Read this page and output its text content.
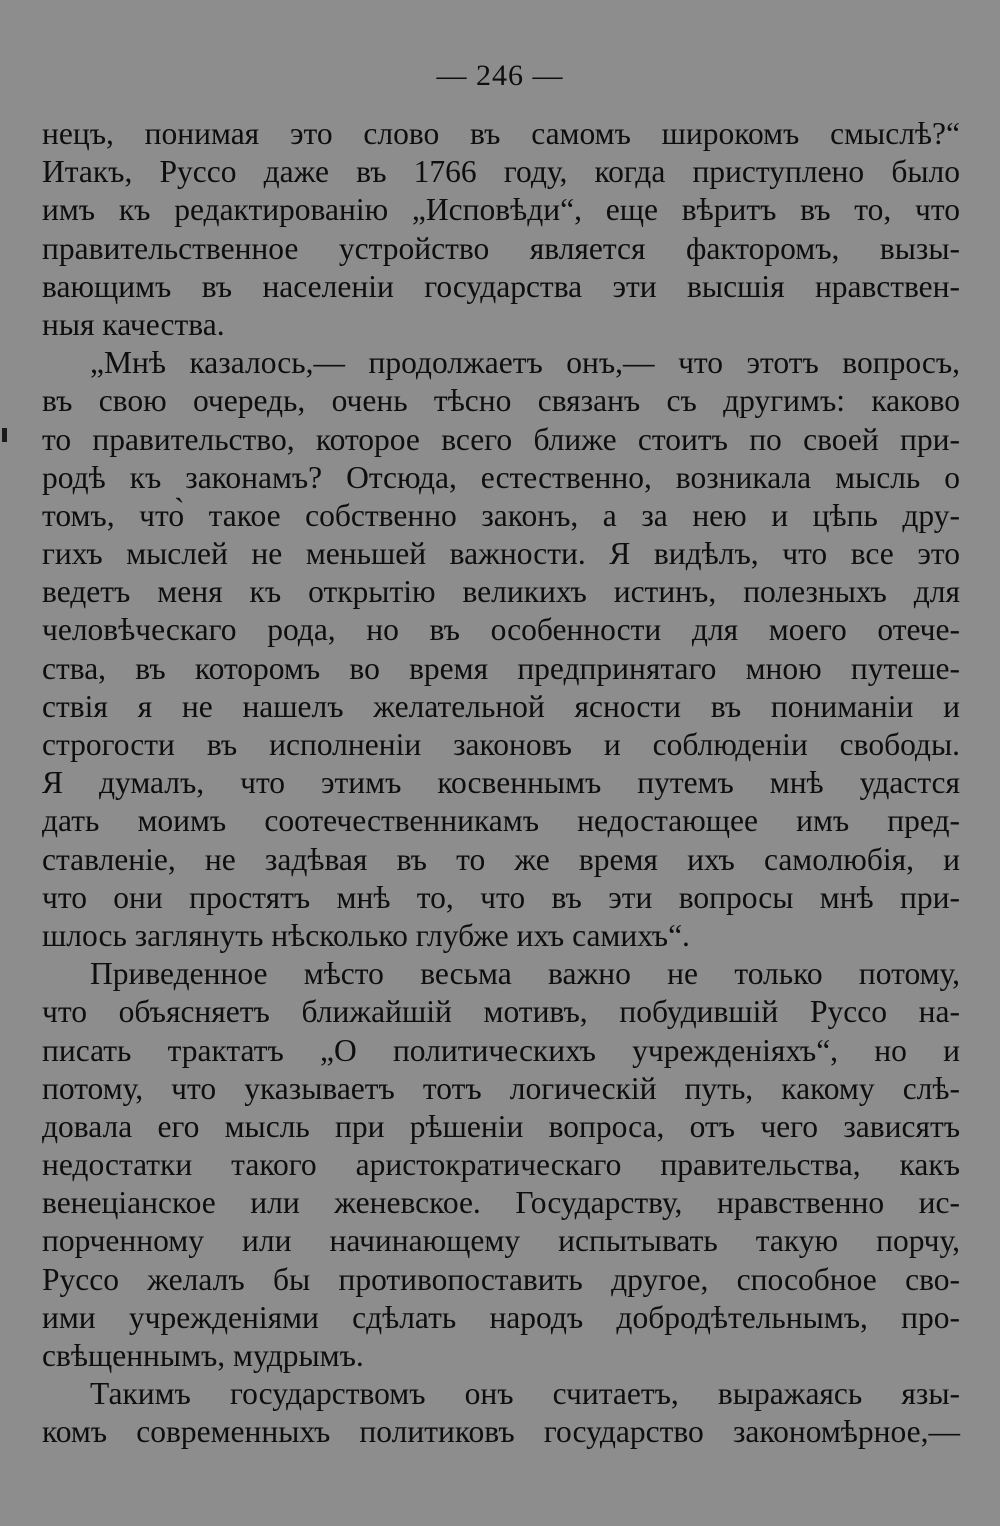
— 246 —
нецъ, понимая это слово въ самомъ широкомъ смыслѣ?“
Итакъ, Руссо даже въ 1766 году, когда приступлено было
имъ къ редактированiю „Исповѣди“, еще вѣритъ въ то, что
правительственное устройство является факторомъ, вызы-
вающимъ въ населенiи государства эти высшiя нравствен-
ныя качества.
„Мнѣ казалось,— продолжаетъ онъ,— что этотъ вопросъ,
въ свою очередь, очень тѣсно связанъ съ другимъ: каково
то правительство, которое всего ближе стоитъ по своей при-
родѣ къ законамъ? Отсюда, естественно, возникала мысль о
томъ, что̀ такое собственно законъ, а за нею и цѣпь дру-
гихъ мыслей не меньшей важности. Я видѣлъ, что все это
ведетъ меня къ открытiю великихъ истинъ, полезныхъ для
человѣческаго рода, но въ особенности для моего отече-
ства, въ которомъ во время предпринятаго мною путеше-
ствiя я не нашелъ желательной ясности въ пониманiи и
строгости въ исполненiи законовъ и соблюденiи свободы.
Я думалъ, что этимъ косвеннымъ путемъ мнѣ удастся
дать моимъ соотечественникамъ недостающее имъ пред-
ставленiе, не задѣвая въ то же время ихъ самолюбiя, и
что они простятъ мнѣ то, что въ эти вопросы мнѣ при-
шлось заглянуть нѣсколько глубже ихъ самихъ“.
Приведенное мѣсто весьма важно не только потому,
что объясняетъ ближайшiй мотивъ, побудившiй Руссо на-
писать трактатъ „О политическихъ учрежденiяхъ“, но и
потому, что указываетъ тотъ логическiй путь, какому слѣ-
довала его мысль при рѣшенiи вопроса, отъ чего зависятъ
недостатки такого аристократическаго правительства, какъ
венецiанское или женевское. Государству, нравственно ис-
порченному или начинающему испытывать такую порчу,
Руссо желалъ бы противопоставить другое, способное сво-
ими учрежденiями сдѣлать народъ добродѣтельнымъ, про-
свѣщеннымъ, мудрымъ.
Такимъ государствомъ онъ считаетъ, выражаясь язы-
комъ современныхъ политиковъ государство закономѣрное,—
